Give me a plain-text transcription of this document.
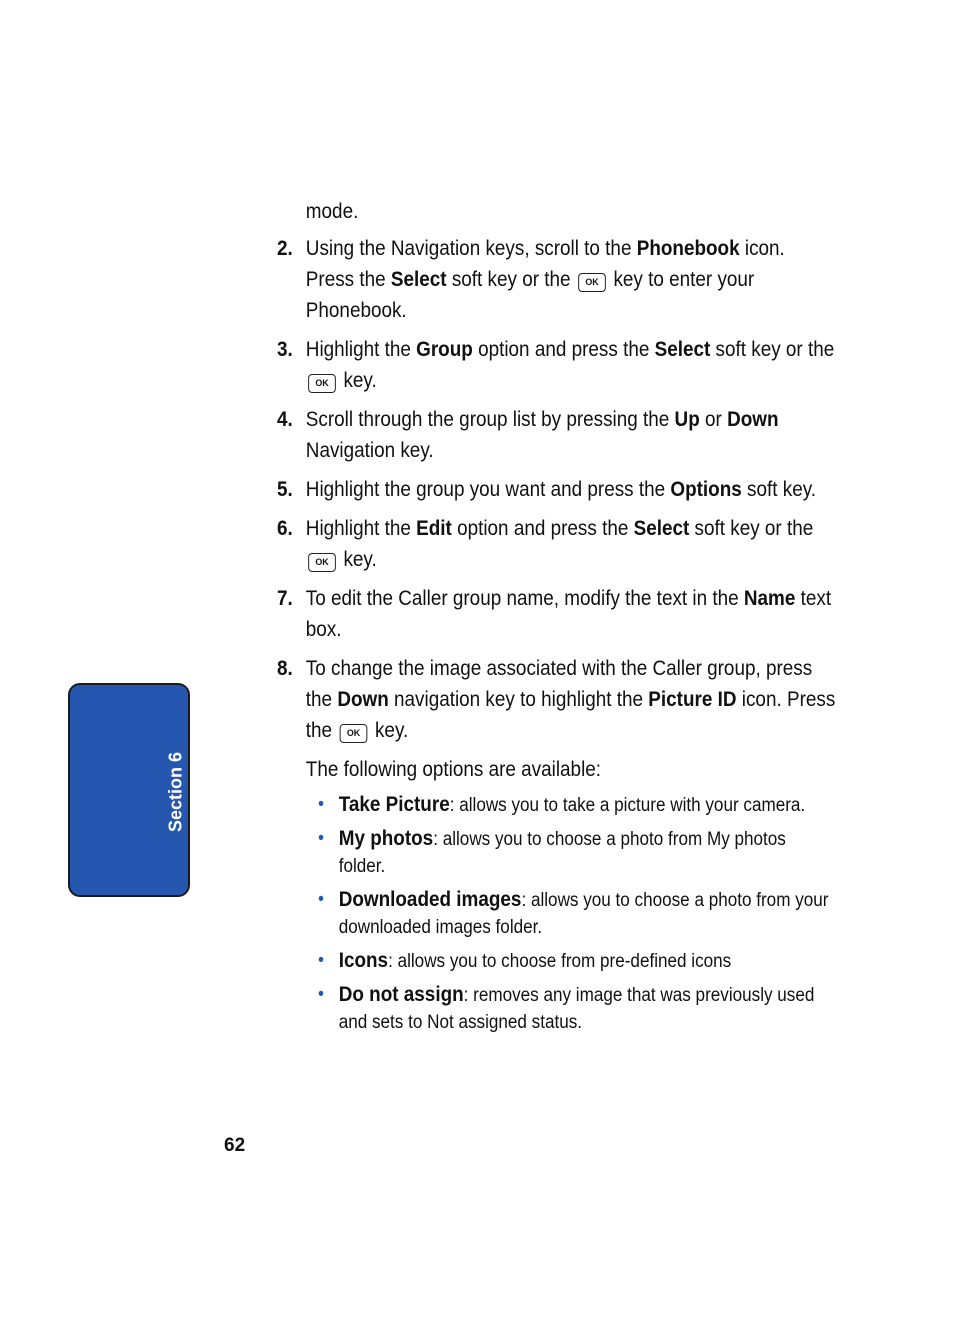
mode.
2. Using the Navigation keys, scroll to the Phonebook icon. Press the Select soft key or the OK key to enter your Phonebook.
3. Highlight the Group option and press the Select soft key or the OK key.
4. Scroll through the group list by pressing the Up or Down Navigation key.
5. Highlight the group you want and press the Options soft key.
6. Highlight the Edit option and press the Select soft key or the OK key.
7. To edit the Caller group name, modify the text in the Name text box.
8. To change the image associated with the Caller group, press the Down navigation key to highlight the Picture ID icon. Press the OK key.
The following options are available:
• Take Picture: allows you to take a picture with your camera.
• My photos: allows you to choose a photo from My photos folder.
• Downloaded images: allows you to choose a photo from your downloaded images folder.
• Icons: allows you to choose from pre-defined icons
• Do not assign: removes any image that was previously used and sets to Not assigned status.
Section 6
62
